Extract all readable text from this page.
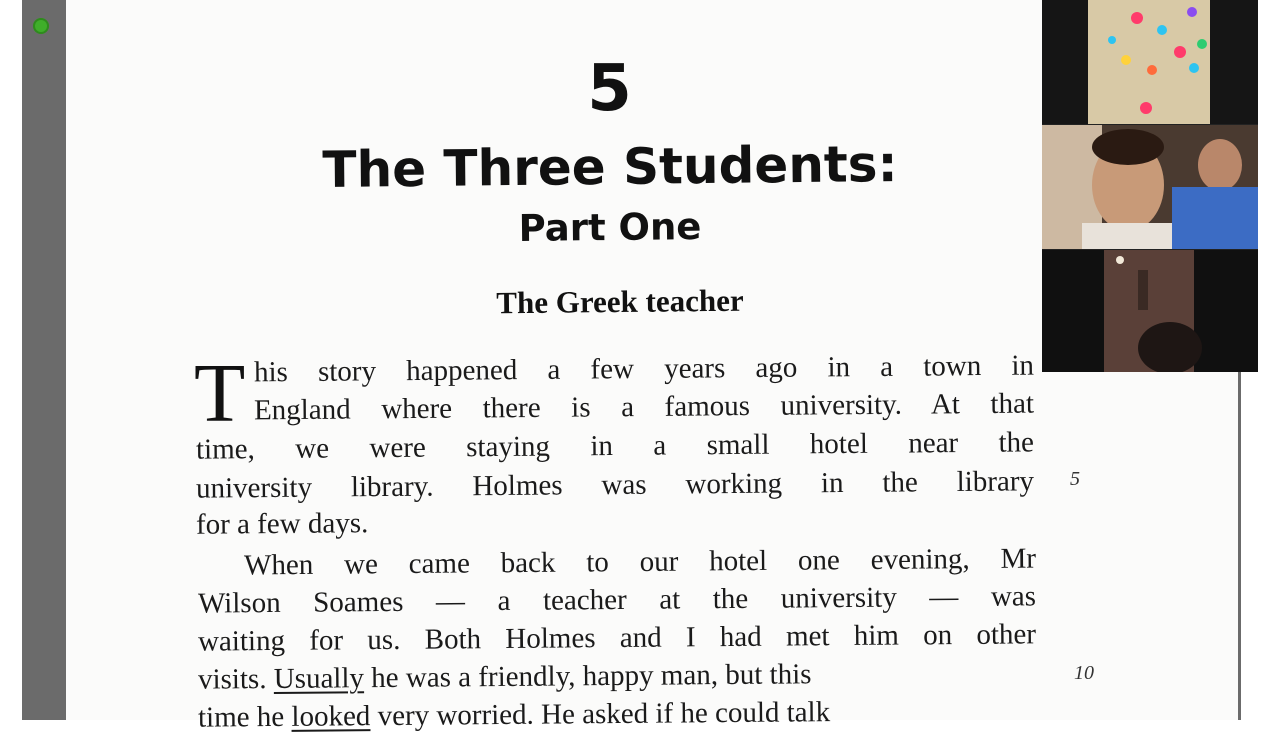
5
The Three Students:
Part One
The Greek teacher
T his story happened a few years ago in a town in
England where there is a famous university. At that
time, we were staying in a small hotel near the
university library. Holmes was working in the library
for a few days.
When we came back to our hotel one evening, Mr
Wilson Soames — a teacher at the university — was
waiting for us. Both Holmes and I had met him on other
visits. Usually he was a friendly, happy man, but this
time he looked very worried. He asked if he could talk
5
10
